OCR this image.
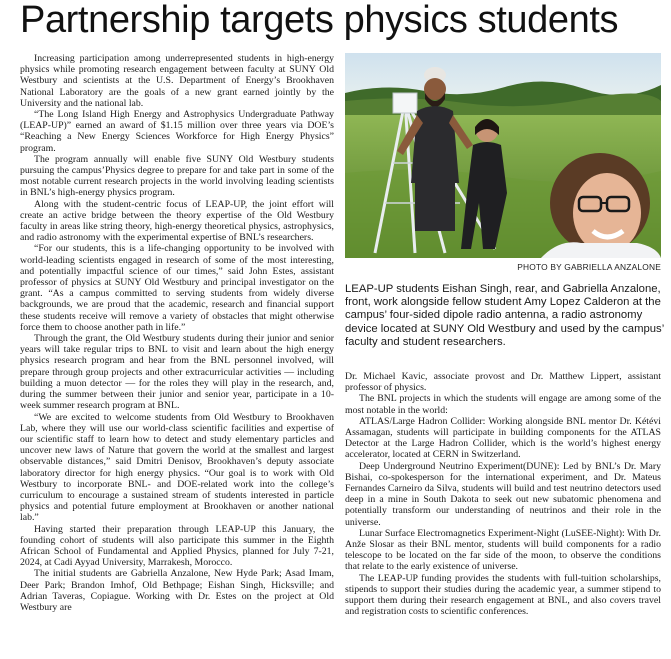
Partnership targets physics students

Increasing participation among underrepresented students in high-energy physics while promoting research engagement between faculty at SUNY Old Westbury and scientists at the U.S. Department of Energy’s Brookhaven National Laboratory are the goals of a new grant earned jointly by the University and the national lab.

“The Long Island High Energy and Astrophysics Undergraduate Pathway (LEAP-UP)” earned an award of $1.15 million over three years via DOE’s “Reaching a New Energy Sciences Workforce for High Energy Physics” program.

The program annually will enable five SUNY Old Westbury students pursuing the campus’Physics degree to prepare for and take part in some of the most notable current research projects in the world involving leading scientists in BNL’s high-energy physics program.

Along with the student-centric focus of LEAP-UP, the joint effort will create an active bridge between the theory expertise of the Old Westbury faculty in areas like string theory, high-energy theoretical physics, astrophysics, and radio astronomy with the experimental expertise of BNL’s researchers.

“For our students, this is a life-changing opportunity to be involved with world-leading scientists engaged in research of some of the most interesting, and potentially impactful science of our times,” said John Estes, assistant professor of physics at SUNY Old Westbury and principal investigator on the grant. “As a campus committed to serving students from widely diverse backgrounds, we are proud that the academic, research and financial support these students receive will remove a variety of obstacles that might otherwise force them to choose another path in life.”

Through the grant, the Old Westbury students during their junior and senior years will take regular trips to BNL to visit and learn about the high energy physics research program and hear from the BNL personnel involved, will prepare through group projects and other extracurricular activities — including building a muon detector — for the roles they will play in the research, and, during the summer between their junior and senior year, participate in a 10-week summer research program at BNL.

“We are excited to welcome students from Old Westbury to Brookhaven Lab, where they will use our world-class scientific facilities and expertise of our scientific staff to learn how to detect and study elementary particles and uncover new laws of Nature that govern the world at the smallest and largest observable distances,” said Dmitri Denisov, Brookhaven’s deputy associate laboratory director for high energy physics. “Our goal is to work with Old Westbury to incorporate BNL- and DOE-related work into the college’s curriculum to encourage a sustained stream of students interested in particle physics and potential future employment at Brookhaven or another national lab.”

Having started their preparation through LEAP-UP this January, the founding cohort of students will also participate this summer in the Eighth African School of Fundamental and Applied Physics, planned for July 7-21, 2024, at Cadi Ayyad University, Marrakesh, Morocco.

The initial students are Gabriella Anzalone, New Hyde Park; Asad Imam, Deer Park; Brandon Imhof, Old Bethpage; Eishan Singh, Hicksville; and Adrian Taveras, Copiague. Working with Dr. Estes on the project at Old Westbury are

PHOTO BY GABRIELLA ANZALONE
LEAP-UP students Eishan Singh, rear, and Gabriella Anzalone, front, work alongside fellow student Amy Lopez Calderon at the campus’ four-sided dipole radio antenna, a radio astronomy device located at SUNY Old Westbury and used by the campus’ faculty and student researchers.

Dr. Michael Kavic, associate provost and Dr. Matthew Lippert, assistant professor of physics.

The BNL projects in which the students will engage are among some of the most notable in the world:

ATLAS/Large Hadron Collider: Working alongside BNL mentor Dr. Kétévi Assamagan, students will participate in building components for the ATLAS Detector at the Large Hadron Collider, which is the world’s highest energy accelerator, located at CERN in Switzerland.

Deep Underground Neutrino Experiment(DUNE): Led by BNL’s Dr. Mary Bishai, co-spokesperson for the international experiment, and Dr. Mateus Fernandes Carneiro da Silva, students will build and test neutrino detectors used deep in a mine in South Dakota to seek out new subatomic phenomena and potentially transform our understanding of neutrinos and their role in the universe.

Lunar Surface Electromagnetics Experiment-Night (LuSEE-Night): With Dr. Anže Slosar as their BNL mentor, students will build components for a radio telescope to be located on the far side of the moon, to observe the conditions that relate to the early existence of universe.

The LEAP-UP funding provides the students with full-tuition scholarships, stipends to support their studies during the academic year, a summer stipend to support them during their research engagement at BNL, and also covers travel and registration costs to scientific conferences.
